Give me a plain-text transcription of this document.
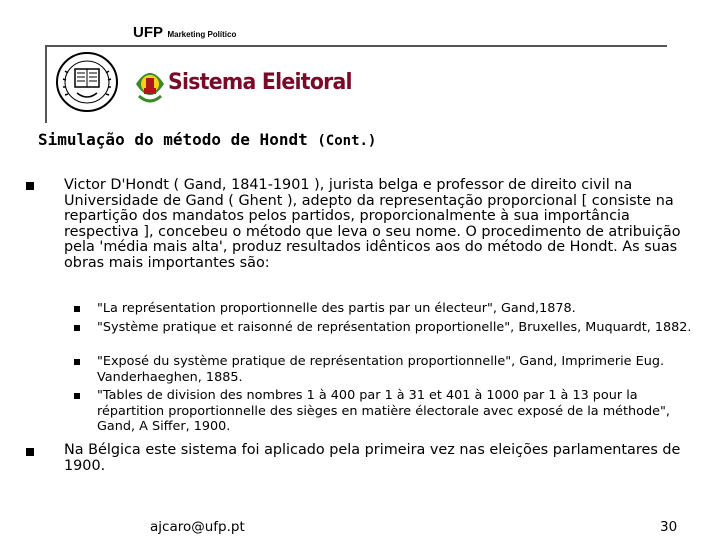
UFP Marketing Político
Sistema Eleitoral
Simulação do método de Hondt (Cont.)
Victor D'Hondt ( Gand, 1841-1901 ), jurista belga e professor de direito civil na Universidade de Gand ( Ghent ), adepto da representação proporcional [ consiste na repartição dos mandatos pelos partidos, proporcionalmente à sua importância respectiva ], concebeu o método que leva o seu nome. O procedimento de atribuição pela 'média mais alta', produz resultados idênticos aos do método de Hondt. As suas obras mais importantes são:
"La représentation proportionnelle des partis par un électeur", Gand,1878.
"Système pratique et raisonné de représentation proportionelle", Bruxelles, Muquardt, 1882.
"Exposé du système pratique de représentation proportionnelle", Gand, Imprimerie Eug. Vanderhaeghen, 1885.
"Tables de division des nombres 1 à 400 par 1 à 31 et 401 à 1000 par 1 à 13 pour la répartition proportionnelle des sièges en matière électorale avec exposé de la méthode", Gand, A Siffer, 1900.
Na Bélgica este sistema foi aplicado pela primeira vez nas eleições parlamentares de 1900.
ajcaro@ufp.pt	30
